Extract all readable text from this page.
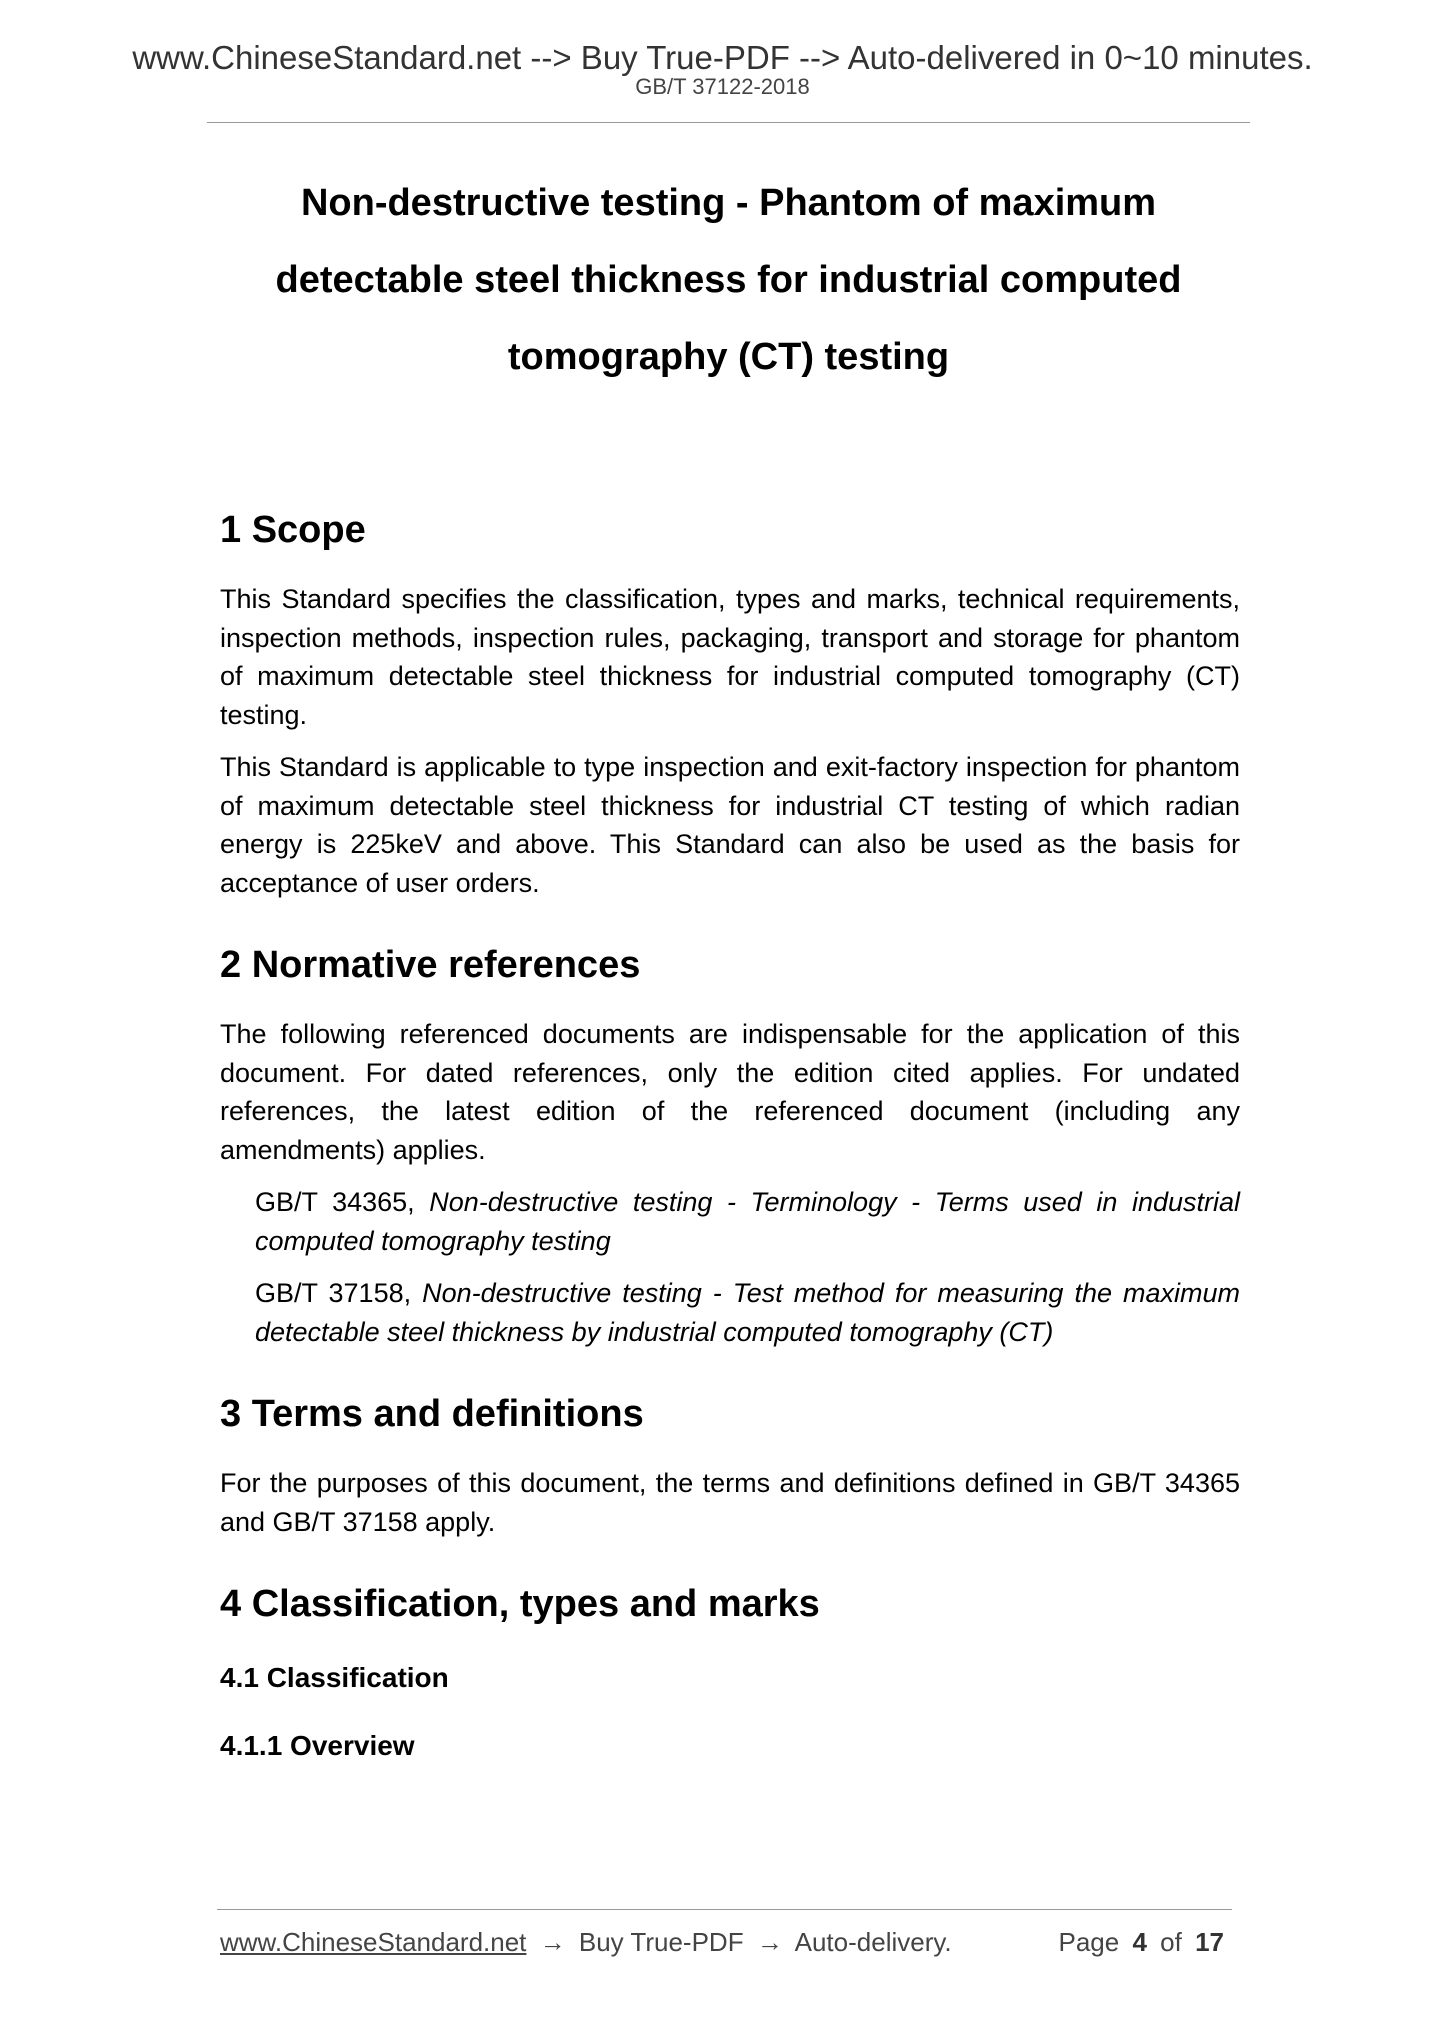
www.ChineseStandard.net --> Buy True-PDF --> Auto-delivered in 0~10 minutes.
GB/T 37122-2018
Non-destructive testing - Phantom of maximum
detectable steel thickness for industrial computed
tomography (CT) testing
1 Scope

This Standard specifies the classification, types and marks, technical requirements, inspection methods, inspection rules, packaging, transport and storage for phantom of maximum detectable steel thickness for industrial computed tomography (CT) testing.

This Standard is applicable to type inspection and exit-factory inspection for phantom of maximum detectable steel thickness for industrial CT testing of which radian energy is 225keV and above. This Standard can also be used as the basis for acceptance of user orders.

2 Normative references

The following referenced documents are indispensable for the application of this document. For dated references, only the edition cited applies. For undated references, the latest edition of the referenced document (including any amendments) applies.

GB/T 34365, Non-destructive testing - Terminology - Terms used in industrial computed tomography testing

GB/T 37158, Non-destructive testing - Test method for measuring the maximum detectable steel thickness by industrial computed tomography (CT)

3 Terms and definitions

For the purposes of this document, the terms and definitions defined in GB/T 34365 and GB/T 37158 apply.

4 Classification, types and marks
4.1 Classification
4.1.1 Overview
www.ChineseStandard.net → Buy True-PDF → Auto-delivery.	Page 4 of 17
